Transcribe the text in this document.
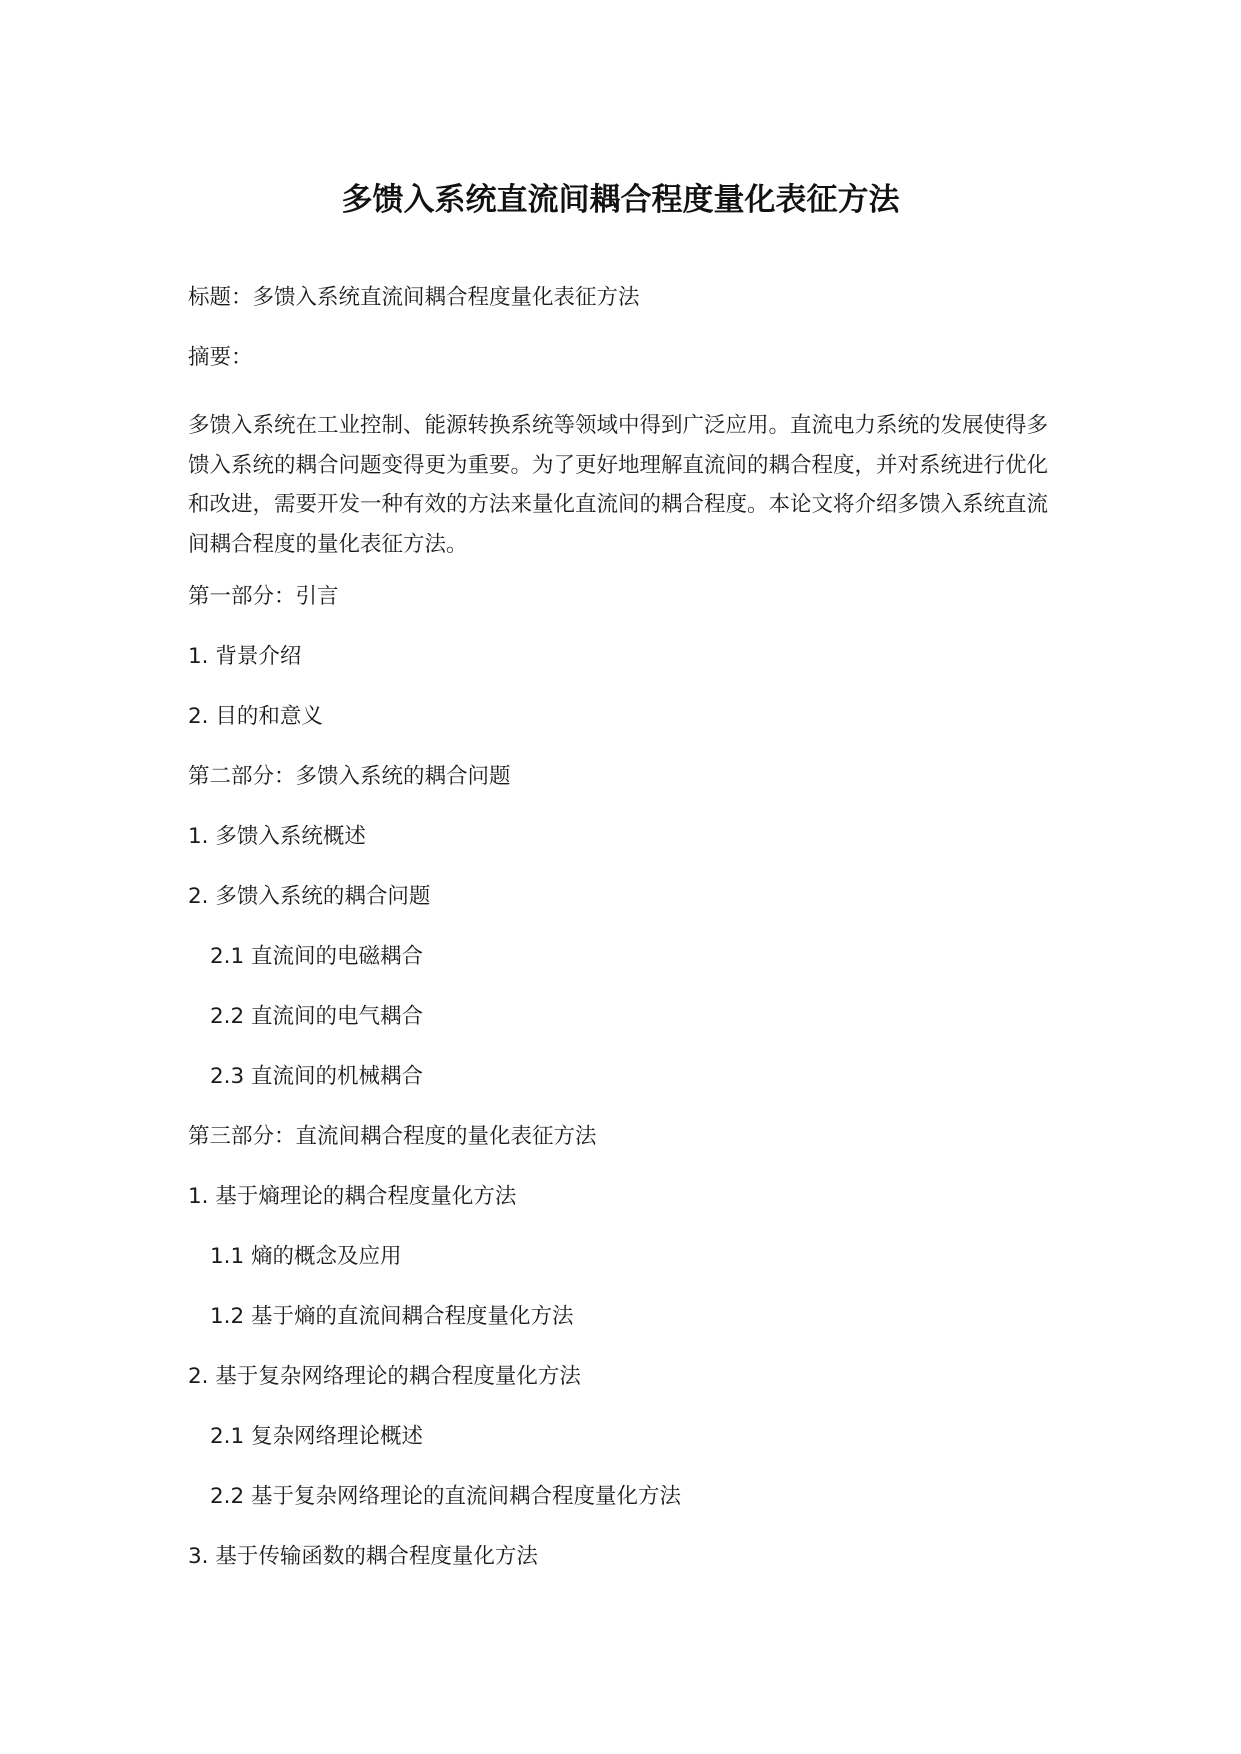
多馈入系统直流间耦合程度量化表征方法

标题：多馈入系统直流间耦合程度量化表征方法

摘要：

多馈入系统在工业控制、能源转换系统等领域中得到广泛应用。直流电力系统的发展使得多馈入系统的耦合问题变得更为重要。为了更好地理解直流间的耦合程度，并对系统进行优化和改进，需要开发一种有效的方法来量化直流间的耦合程度。本论文将介绍多馈入系统直流间耦合程度的量化表征方法。

第一部分：引言

1. 背景介绍

2. 目的和意义

第二部分：多馈入系统的耦合问题

1. 多馈入系统概述

2. 多馈入系统的耦合问题

2.1 直流间的电磁耦合

2.2 直流间的电气耦合

2.3 直流间的机械耦合

第三部分：直流间耦合程度的量化表征方法

1. 基于熵理论的耦合程度量化方法

1.1 熵的概念及应用

1.2 基于熵的直流间耦合程度量化方法

2. 基于复杂网络理论的耦合程度量化方法

2.1 复杂网络理论概述

2.2 基于复杂网络理论的直流间耦合程度量化方法

3. 基于传输函数的耦合程度量化方法
